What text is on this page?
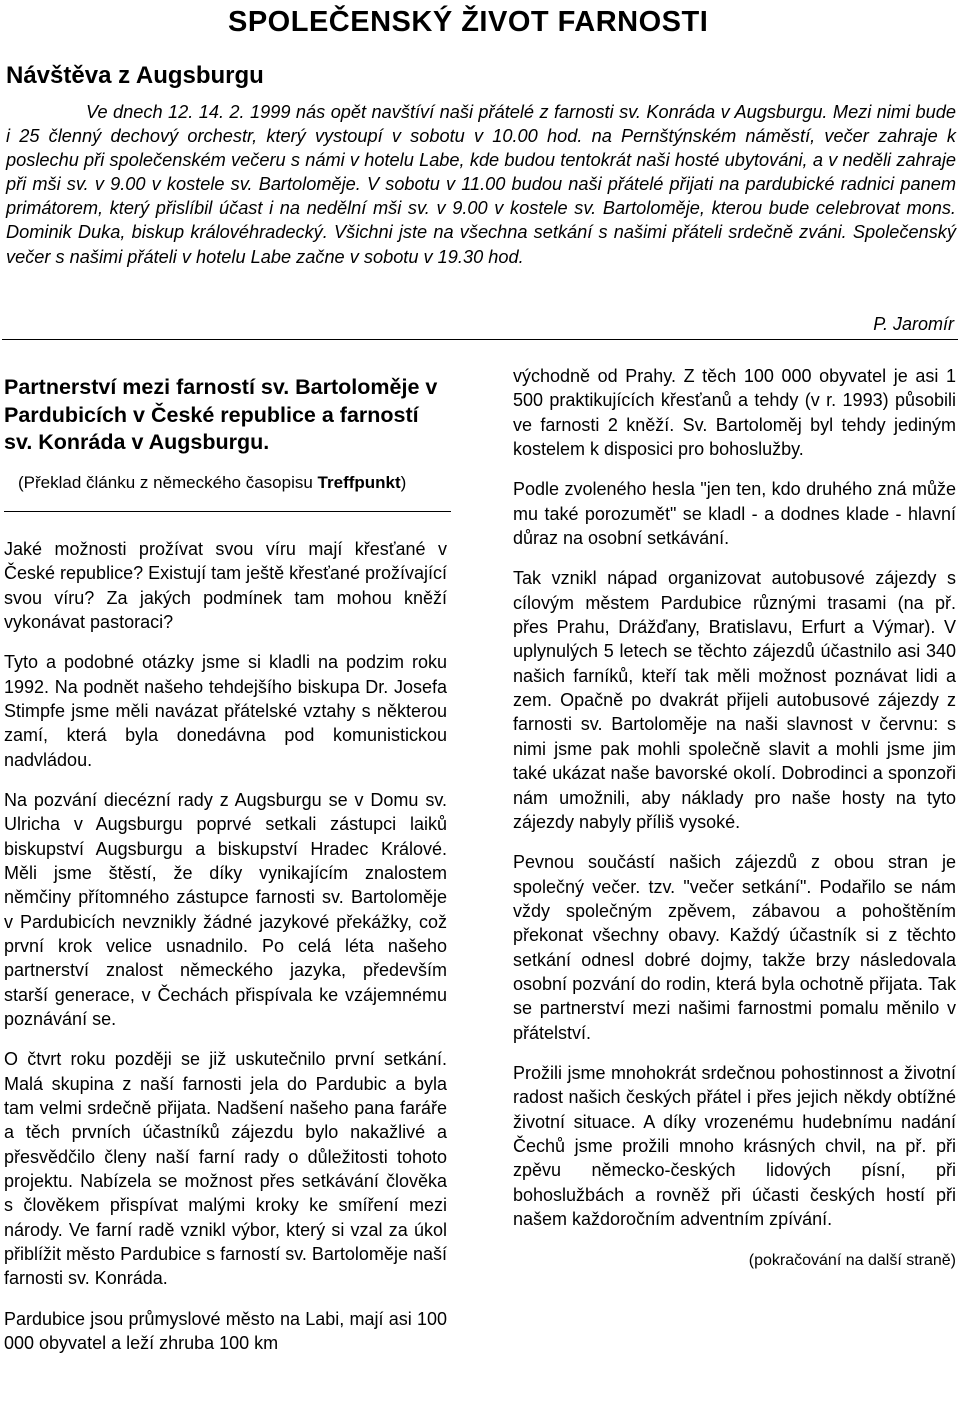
SPOLEČENSKÝ ŽIVOT FARNOSTI
Návštěva z Augsburgu

Ve dnech 12. 14. 2. 1999 nás opět navštíví naši přátelé z farnosti sv. Konráda v Augsburgu. Mezi nimi bude i 25 členný dechový orchestr, který vystoupí v sobotu v 10.00 hod. na Pernštýnském náměstí, večer zahraje k poslechu při společenském večeru s námi v hotelu Labe, kde budou tentokrát naši hosté ubytováni, a v neděli zahraje při mši sv. v 9.00 v kostele sv. Bartoloměje. V sobotu v 11.00 budou naši přátelé přijati na pardubické radnici panem primátorem, který přislíbil účast i na nedělní mši sv. v 9.00 v kostele sv. Bartoloměje, kterou bude celebrovat mons. Dominik Duka, biskup královéhradecký. Všichni jste na všechna setkání s našimi přáteli srdečně zváni. Společenský večer s našimi přáteli v hotelu Labe začne v sobotu v 19.30 hod.

P. Jaromír

Partnerství mezi farností sv. Bartoloměje v Pardubicích v České republice a farností sv. Konráda v Augsburgu.

(Překlad článku z německého časopisu Treffpunkt)

Jaké možnosti prožívat svou víru mají křesťané v České republice? Existují tam ještě křesťané prožívající svou víru? Za jakých podmínek tam mohou kněží vykonávat pastoraci?

Tyto a podobné otázky jsme si kladli na podzim roku 1992. Na podnět našeho tehdejšího biskupa Dr. Josefa Stimpfe jsme měli navázat přátelské vztahy s některou zamí, která byla donedávna pod komunistickou nadvládou.

Na pozvání diecézní rady z Augsburgu se v Domu sv. Ulricha v Augsburgu poprvé setkali zástupci laiků biskupství Augsburgu a biskupství Hradec Králové. Měli jsme štěstí, že díky vynikajícím znalostem němčiny přítomného zástupce farnosti sv. Bartoloměje v Pardubicích nevznikly žádné jazykové překážky, což první krok velice usnadnilo. Po celá léta našeho partnerství znalost německého jazyka, především starší generace, v Čechách přispívala ke vzájemnému poznávání se.

O čtvrt roku později se již uskutečnilo první setkání. Malá skupina z naší farnosti jela do Pardubic a byla tam velmi srdečně přijata. Nadšení našeho pana faráře a těch prvních účastníků zájezdu bylo nakažlivé a přesvědčilo členy naší farní rady o důležitosti tohoto projektu. Nabízela se možnost přes setkávání člověka s člověkem přispívat malými kroky ke smíření mezi národy. Ve farní radě vznikl výbor, který si vzal za úkol přiblížit město Pardubice s farností sv. Bartoloměje naší farnosti sv. Konráda.

Pardubice jsou průmyslové město na Labi, mají asi 100 000 obyvatel a leží zhruba 100 km

východně od Prahy. Z těch 100 000 obyvatel je asi 1 500 praktikujících křesťanů a tehdy (v r. 1993) působili ve farnosti 2 kněží. Sv. Bartoloměj byl tehdy jediným kostelem k disposici pro bohoslužby.

Podle zvoleného hesla "jen ten, kdo druhého zná může mu také porozumět" se kladl - a dodnes klade - hlavní důraz na osobní setkávání.

Tak vznikl nápad organizovat autobusové zájezdy s cílovým městem Pardubice různými trasami (na př. přes Prahu, Drážďany, Bratislavu, Erfurt a Výmar). V uplynulých 5 letech se těchto zájezdů účastnilo asi 340 našich farníků, kteří tak měli možnost poznávat lidi a zem. Opačně po dvakrát přijeli autobusové zájezdy z farnosti sv. Bartoloměje na naši slavnost v červnu: s nimi jsme pak mohli společně slavit a mohli jsme jim také ukázat naše bavorské okolí. Dobrodinci a sponzoři nám umožnili, aby náklady pro naše hosty na tyto zájezdy nabyly příliš vysoké.

Pevnou součástí našich zájezdů z obou stran je společný večer. tzv. "večer setkání". Podařilo se nám vždy společným zpěvem, zábavou a pohoštěním překonat všechny obavy. Každý účastník si z těchto setkání odnesl dobré dojmy, takže brzy následovala osobní pozvání do rodin, která byla ochotně přijata. Tak se partnerství mezi našimi farnostmi pomalu měnilo v přátelství.

Prožili jsme mnohokrát srdečnou pohostinnost a životní radost našich českých přátel i přes jejich někdy obtížné životní situace. A díky vrozenému hudebnímu nadání Čechů jsme prožili mnoho krásných chvil, na př. při zpěvu německo-českých lidových písní, při bohoslužbách a rovněž při účasti českých hostí při našem každoročním adventním zpívání.

(pokračování na další straně)
